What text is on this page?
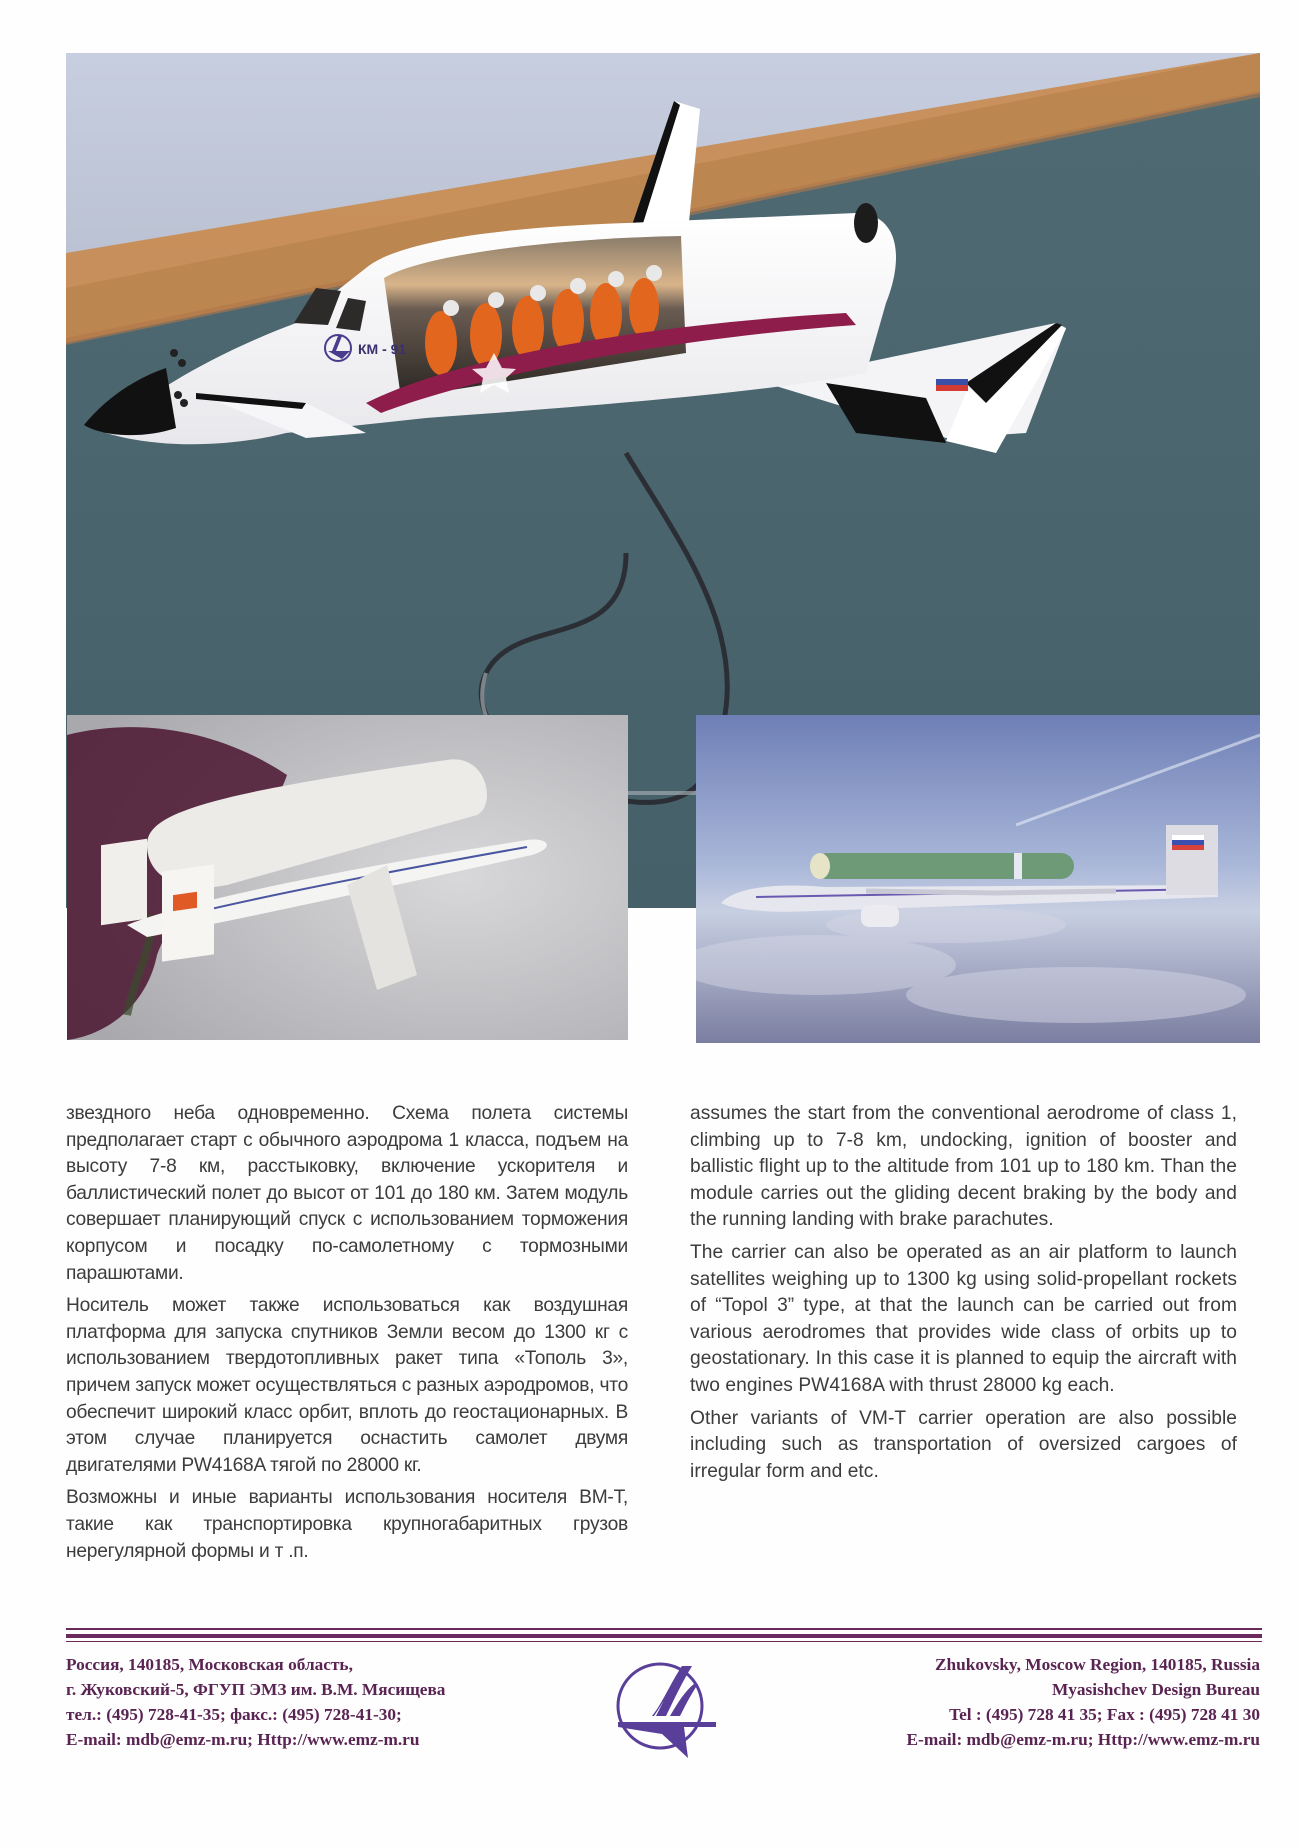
КМ - 91

звездного неба одновременно. Схема полета системы предполагает старт с обычного аэродрома 1 класса, подъем на высоту 7-8 км, расстыковку, включение ускорителя и баллистический полет до высот от 101 до 180 км. Затем модуль совершает планирующий спуск с использованием торможения корпусом и посадку по-самолетному с тормозными парашютами.

Носитель может также использоваться как воздушная платформа для запуска спутников Земли весом до 1300 кг с использованием твердотопливных ракет типа «Тополь 3», причем запуск может осуществляться с разных аэродромов, что обеспечит широкий класс орбит, вплоть до геостационарных. В этом случае планируется оснастить самолет двумя двигателями PW4168A тягой по 28000 кг.

Возможны и иные варианты использования носителя ВМ-Т, такие как транспортировка крупногабаритных грузов нерегулярной формы и т .п.

assumes the start from the conventional aerodrome of class 1, climbing up to 7-8 km, undocking, ignition of booster and ballistic flight up to the altitude from 101 up to 180 km. Than the module carries out the gliding decent braking by the body and the running landing with brake parachutes.

The carrier can also be operated as an air platform to launch satellites weighing up to 1300 kg using solid-propellant rockets of “Topol 3” type, at that the launch can be carried out from various aerodromes that provides wide class of orbits up to geostationary. In this case it is planned to equip the aircraft with two engines PW4168A with thrust 28000 kg each.

Other variants of VM-T carrier operation are also possible including such as transportation of oversized cargoes of irregular form and etc.

Россия, 140185, Московская область,
г. Жуковский-5, ФГУП ЭМЗ им. В.М. Мясищева
тел.: (495) 728-41-35; факс.: (495) 728-41-30;
E-mail: mdb@emz-m.ru; Http://www.emz-m.ru
Zhukovsky, Moscow Region, 140185, Russia
Myasishchev Design Bureau
Tel : (495) 728 41 35; Fax : (495) 728 41 30
E-mail: mdb@emz-m.ru; Http://www.emz-m.ru
